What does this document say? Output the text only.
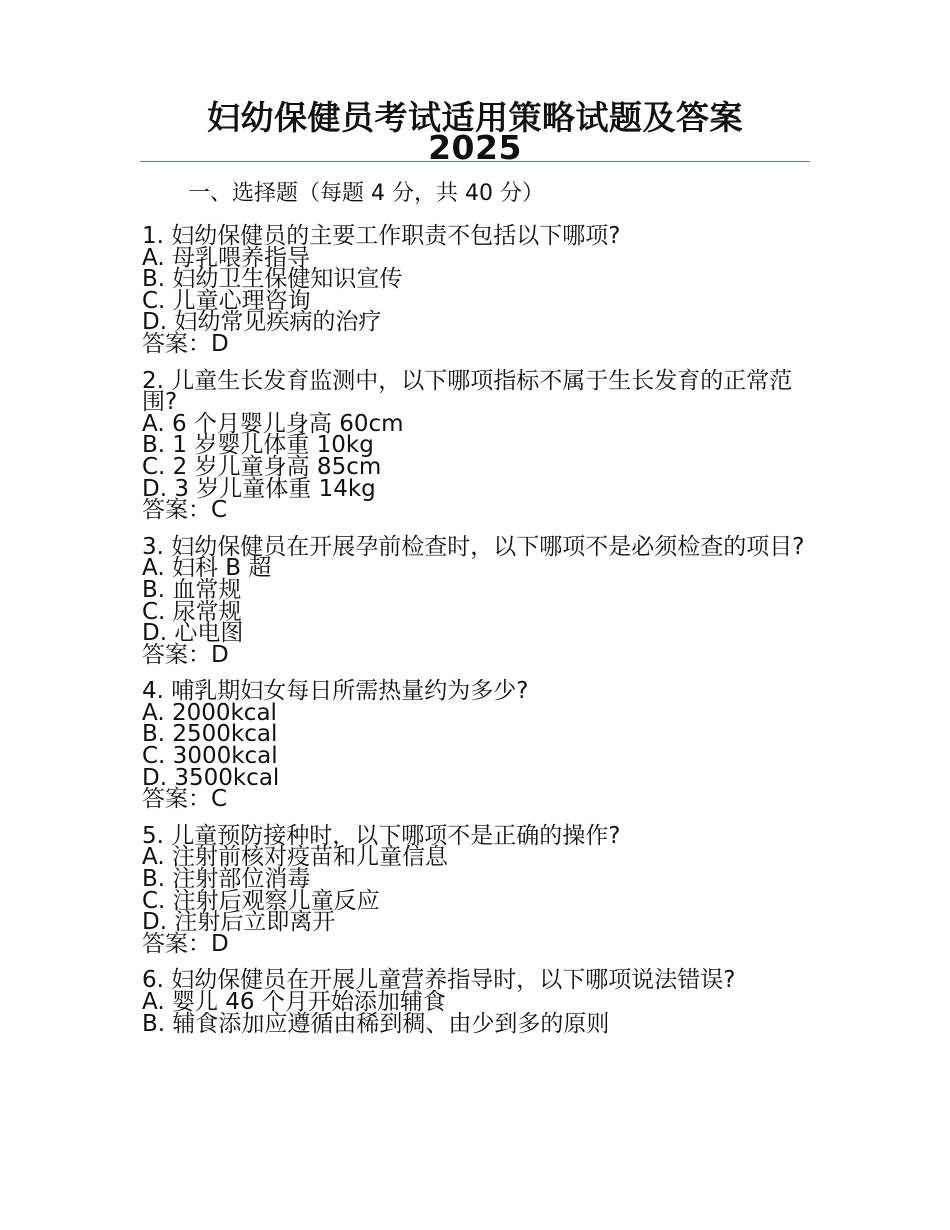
妇幼保健员考试适用策略试题及答案
2025
一、选择题（每题 4 分，共 40 分）
1. 妇幼保健员的主要工作职责不包括以下哪项?
A. 母乳喂养指导
B. 妇幼卫生保健知识宣传
C. 儿童心理咨询
D. 妇幼常见疾病的治疗
答案：D
2. 儿童生长发育监测中，以下哪项指标不属于生长发育的正常范围?
A. 6 个月婴儿身高 60cm
B. 1 岁婴儿体重 10kg
C. 2 岁儿童身高 85cm
D. 3 岁儿童体重 14kg
答案：C
3. 妇幼保健员在开展孕前检查时，以下哪项不是必须检查的项目?
A. 妇科 B 超
B. 血常规
C. 尿常规
D. 心电图
答案：D
4. 哺乳期妇女每日所需热量约为多少?
A. 2000kcal
B. 2500kcal
C. 3000kcal
D. 3500kcal
答案：C
5. 儿童预防接种时，以下哪项不是正确的操作?
A. 注射前核对疫苗和儿童信息
B. 注射部位消毒
C. 注射后观察儿童反应
D. 注射后立即离开
答案：D
6. 妇幼保健员在开展儿童营养指导时，以下哪项说法错误?
A. 婴儿 46 个月开始添加辅食
B. 辅食添加应遵循由稀到稠、由少到多的原则
